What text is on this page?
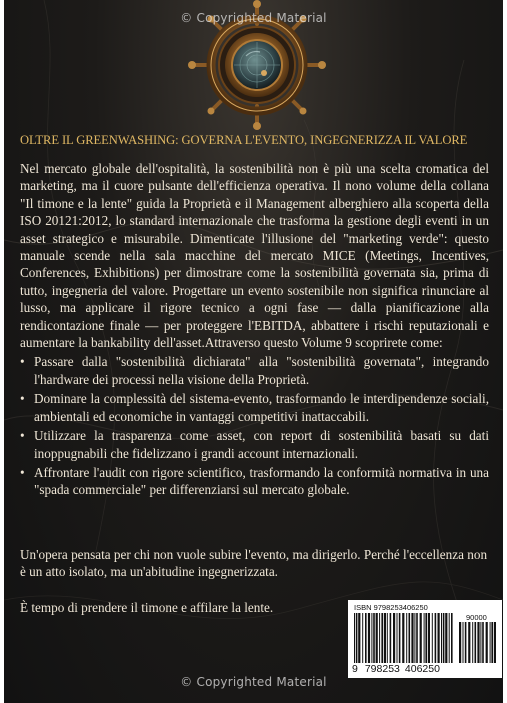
OLTRE IL GREENWASHING: GOVERNA L'EVENTO, INGEGNERIZZA IL VALORE

Nel mercato globale dell'ospitalità, la sostenibilità non è più una scelta cromatica del marketing, ma il cuore pulsante dell'efficienza operativa. Il nono volume della collana "Il timone e la lente" guida la Proprietà e il Management alberghiero alla scoperta della ISO 20121:2012, lo standard internazionale che trasforma la gestione degli eventi in un asset strategico e misurabile. Dimenticate l'illusione del "marketing verde": questo manuale scende nella sala macchine del mercato MICE (Meetings, Incentives, Conferences, Exhibitions) per dimostrare come la sostenibilità governata sia, prima di tutto, ingegneria del valore. Progettare un evento sostenibile non significa rinunciare al lusso, ma applicare il rigore tecnico a ogni fase — dalla pianificazione alla rendicontazione finale — per proteggere l'EBITDA, abbattere i rischi reputazionali e aumentare la bankability dell'asset.Attraverso questo Volume 9 scoprirete come:

• Passare dalla "sostenibilità dichiarata" alla "sostenibilità governata", integrando l'hardware dei processi nella visione della Proprietà.
• Dominare la complessità del sistema-evento, trasformando le interdipendenze sociali, ambientali ed economiche in vantaggi competitivi inattaccabili.
• Utilizzare la trasparenza come asset, con report di sostenibilità basati su dati inoppugnabili che fidelizzano i grandi account internazionali.
• Affrontare l'audit con rigore scientifico, trasformando la conformità normativa in una "spada commerciale" per differenziarsi sul mercato globale.

Un'opera pensata per chi non vuole subire l'evento, ma dirigerlo. Perché l'eccellenza non è un atto isolato, ma un'abitudine ingegnerizzata.

È tempo di prendere il timone e affilare la lente.	ISBN 9798253406250
90000
9 798253 406250
© Copyrighted Material
© Copyrighted Material
